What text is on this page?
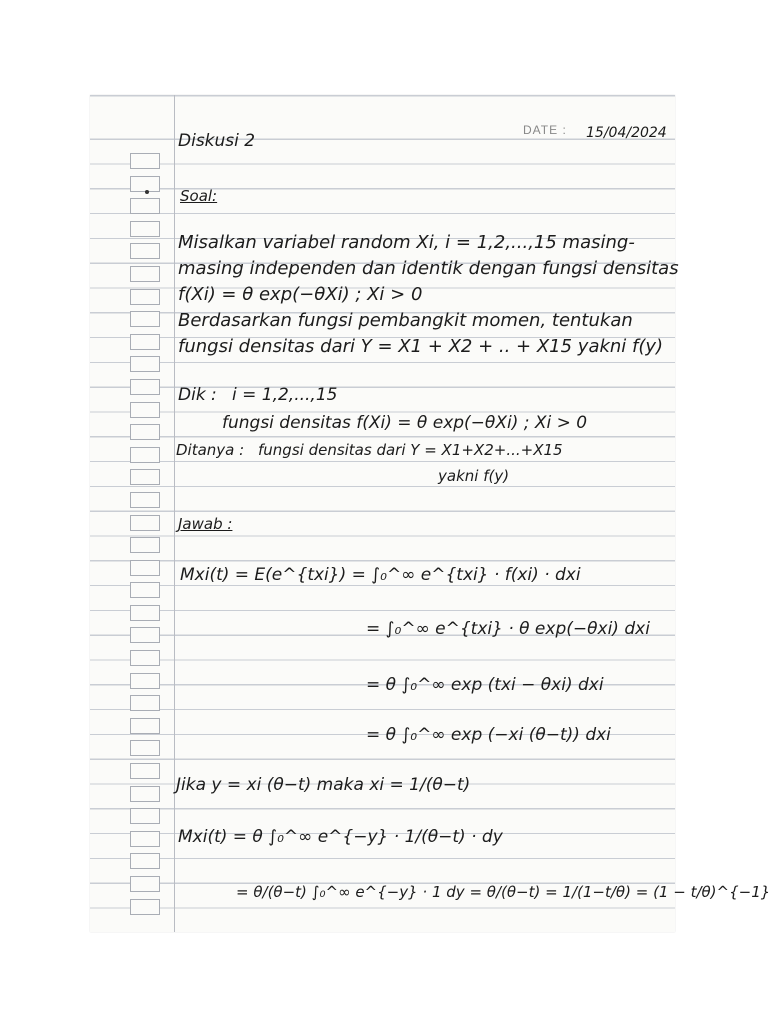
DATE : 15/04/2024
Diskusi 2
Soal:
Misalkan variabel random Xi, i = 1,2,...,15 masing-
masing independen dan identik dengan fungsi densitas
f(Xi) = θ exp(−θXi) ; Xi > 0
Berdasarkan fungsi pembangkit momen, tentukan
fungsi densitas dari Y = X1 + X2 + .. + X15 yakni f(y)
Dik : i = 1,2,...,15
fungsi densitas f(Xi) = θ exp(−θXi) ; Xi > 0
Ditanya : fungsi densitas dari Y = X1+X2+...+X15
yakni f(y)
Jawab :
Mxi(t) = E(e^{txi}) = ∫₀^∞ e^{txi} · f(xi) · dxi
= ∫₀^∞ e^{txi} · θ exp(−θxi) dxi
= θ ∫₀^∞ exp (txi − θxi) dxi
= θ ∫₀^∞ exp (−xi (θ−t)) dxi
Jika y = xi (θ−t) maka xi = 1/(θ−t)
Mxi(t) = θ ∫₀^∞ e^{−y} · 1/(θ−t) · dy
= θ/(θ−t) ∫₀^∞ e^{−y} · 1 dy = θ/(θ−t) = 1/(1−t/θ) = (1 − t/θ)^{−1}
